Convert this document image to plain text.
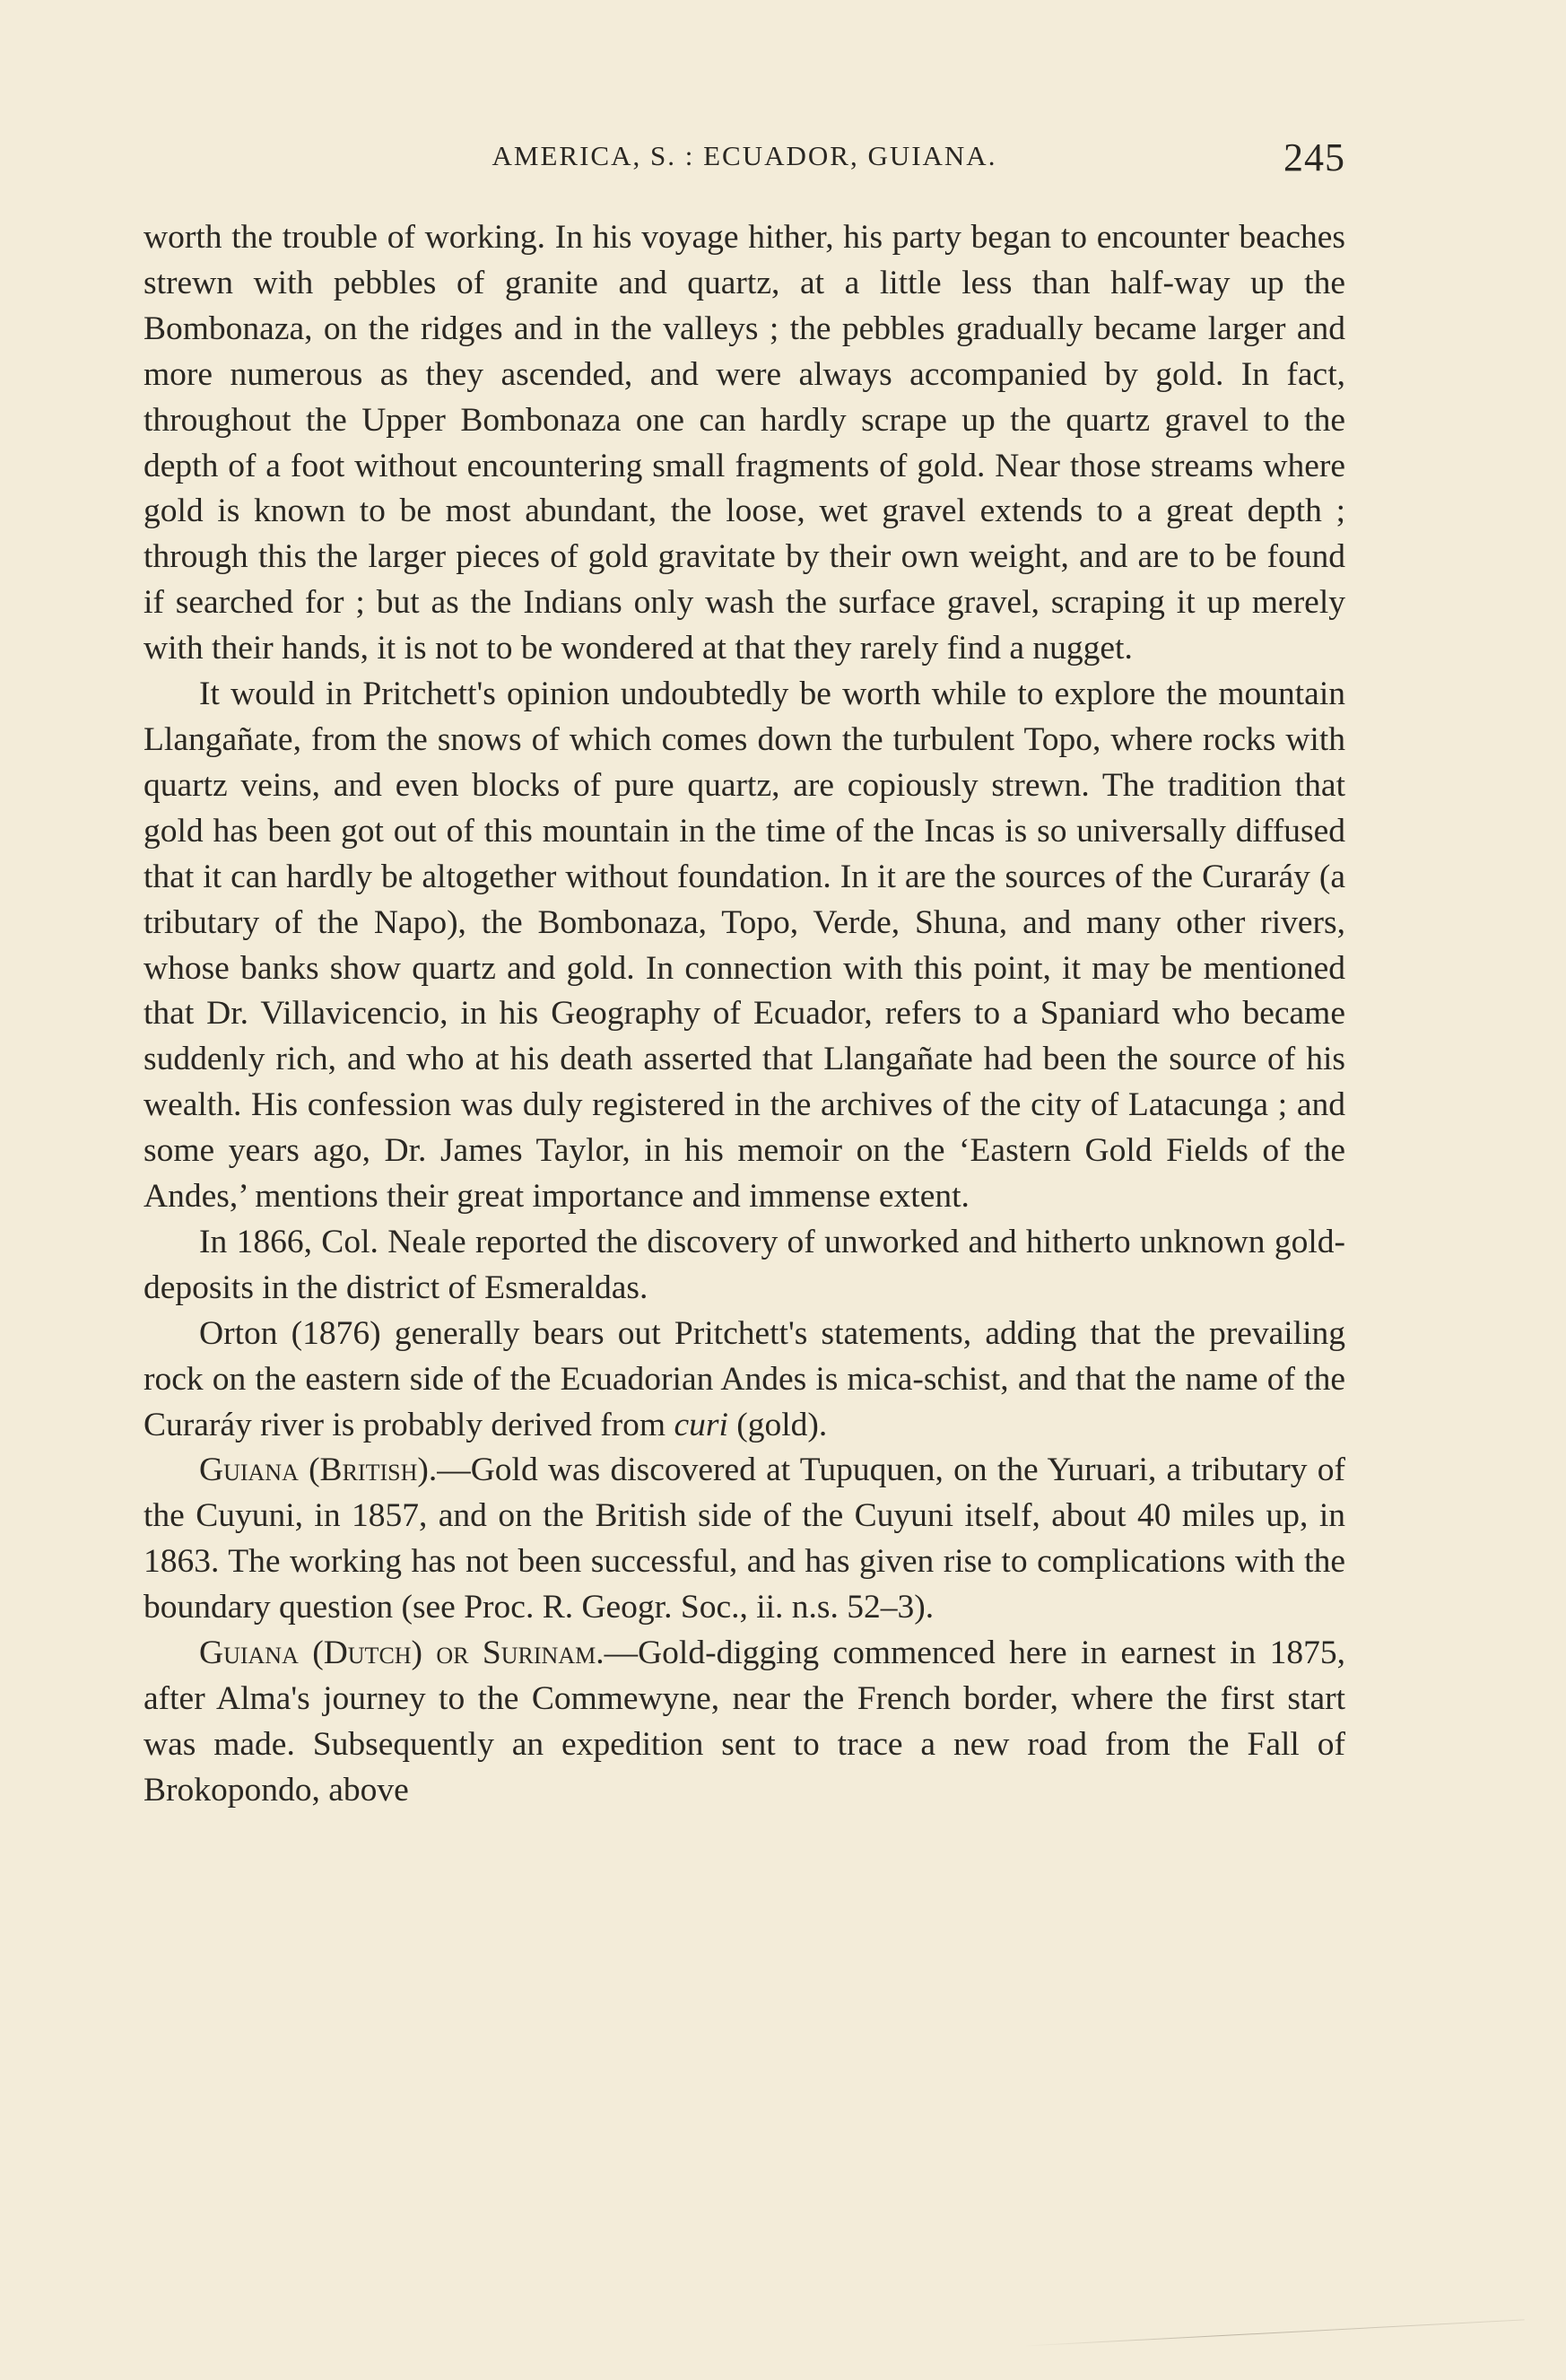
AMERICA, S. : ECUADOR, GUIANA.	245

worth the trouble of working. In his voyage hither, his party began to encounter beaches strewn with pebbles of granite and quartz, at a little less than half-way up the Bombonaza, on the ridges and in the valleys ; the pebbles gradually became larger and more numerous as they ascended, and were always accompanied by gold. In fact, throughout the Upper Bombonaza one can hardly scrape up the quartz gravel to the depth of a foot without encountering small fragments of gold. Near those streams where gold is known to be most abundant, the loose, wet gravel extends to a great depth ; through this the larger pieces of gold gravitate by their own weight, and are to be found if searched for ; but as the Indians only wash the surface gravel, scraping it up merely with their hands, it is not to be wondered at that they rarely find a nugget.

It would in Pritchett's opinion undoubtedly be worth while to explore the mountain Llangañate, from the snows of which comes down the turbulent Topo, where rocks with quartz veins, and even blocks of pure quartz, are copiously strewn. The tradition that gold has been got out of this mountain in the time of the Incas is so universally diffused that it can hardly be altogether without foundation. In it are the sources of the Curaráy (a tributary of the Napo), the Bombonaza, Topo, Verde, Shuna, and many other rivers, whose banks show quartz and gold. In connection with this point, it may be mentioned that Dr. Villavicencio, in his Geography of Ecuador, refers to a Spaniard who became suddenly rich, and who at his death asserted that Llangañate had been the source of his wealth. His confession was duly registered in the archives of the city of Latacunga ; and some years ago, Dr. James Taylor, in his memoir on the ‘Eastern Gold Fields of the Andes,’ mentions their great importance and immense extent.

In 1866, Col. Neale reported the discovery of unworked and hitherto unknown gold-deposits in the district of Esmeraldas.

Orton (1876) generally bears out Pritchett's statements, adding that the prevailing rock on the eastern side of the Ecuadorian Andes is mica-schist, and that the name of the Curaráy river is probably derived from curi (gold).

Guiana (British).—Gold was discovered at Tupuquen, on the Yuruari, a tributary of the Cuyuni, in 1857, and on the British side of the Cuyuni itself, about 40 miles up, in 1863. The working has not been successful, and has given rise to complications with the boundary question (see Proc. R. Geogr. Soc., ii. n.s. 52–3).

Guiana (Dutch) or Surinam.—Gold-digging commenced here in earnest in 1875, after Alma's journey to the Commewyne, near the French border, where the first start was made. Subsequently an expedition sent to trace a new road from the Fall of Brokopondo, above
